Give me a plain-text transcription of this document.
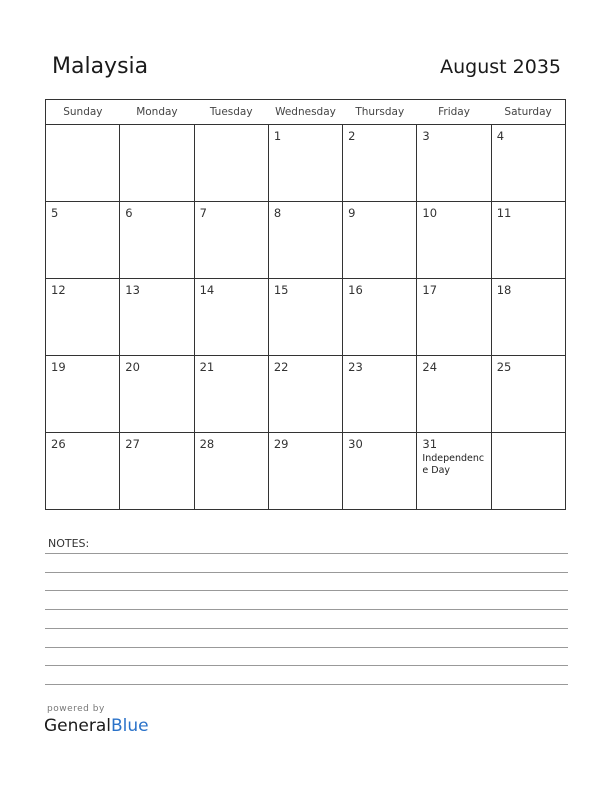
Malaysia	August 2035
Sunday	Monday	Tuesday	Wednesday	Thursday	Friday	Saturday

			1	2	3	4

5	6	7	8	9	10	11

12	13	14	15	16	17	18

19	20	21	22	23	24	25

26	27	28	29	30	31
Independence Day	

NOTES:
powered by
GeneralBlue
